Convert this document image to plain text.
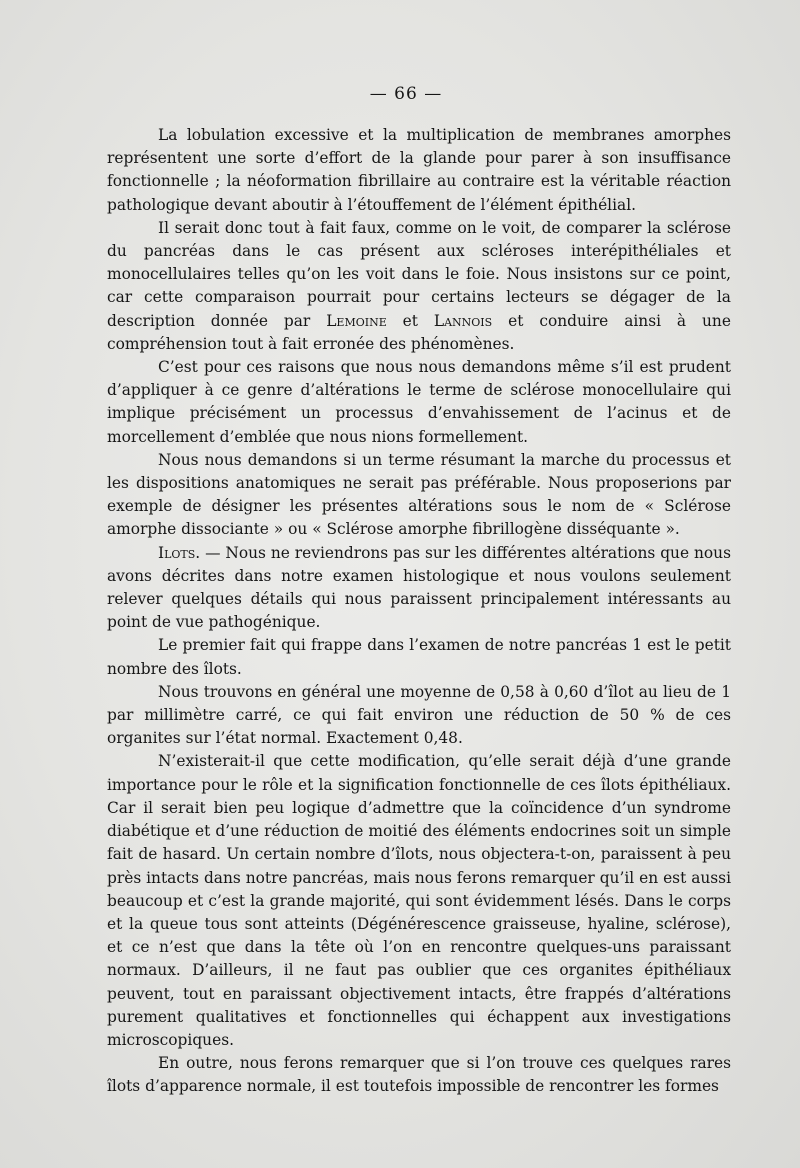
— 66 —

La lobulation excessive et la multiplication de membranes amorphes représentent une sorte d’effort de la glande pour parer à son insuffisance fonctionnelle ; la néoformation fibrillaire au contraire est la véritable réaction pathologique devant aboutir à l’étouffement de l’élément épithélial.

Il serait donc tout à fait faux, comme on le voit, de comparer la sclérose du pancréas dans le cas présent aux scléroses interépithéliales et monocellulaires telles qu’on les voit dans le foie. Nous insistons sur ce point, car cette comparaison pourrait pour certains lecteurs se dégager de la description donnée par Lemoine et Lannois et conduire ainsi à une compréhension tout à fait erronée des phénomènes.

C’est pour ces raisons que nous nous demandons même s’il est prudent d’appliquer à ce genre d’altérations le terme de sclérose monocellulaire qui implique précisément un processus d’envahissement de l’acinus et de morcellement d’emblée que nous nions formellement.

Nous nous demandons si un terme résumant la marche du processus et les dispositions anatomiques ne serait pas préférable. Nous proposerions par exemple de désigner les présentes altérations sous le nom de « Sclérose amorphe dissociante » ou « Sclérose amorphe fibrillogène disséquante ».

Ilots. — Nous ne reviendrons pas sur les différentes altérations que nous avons décrites dans notre examen histologique et nous voulons seulement relever quelques détails qui nous paraissent principalement intéressants au point de vue pathogénique.

Le premier fait qui frappe dans l’examen de notre pancréas 1 est le petit nombre des îlots.

Nous trouvons en général une moyenne de 0,58 à 0,60 d’îlot au lieu de 1 par millimètre carré, ce qui fait environ une réduction de 50 % de ces organites sur l’état normal. Exactement 0,48.

N’existerait-il que cette modification, qu’elle serait déjà d’une grande importance pour le rôle et la signification fonctionnelle de ces îlots épithéliaux. Car il serait bien peu logique d’admettre que la coïncidence d’un syndrome diabétique et d’une réduction de moitié des éléments endocrines soit un simple fait de hasard. Un certain nombre d’îlots, nous objectera-t-on, paraissent à peu près intacts dans notre pancréas, mais nous ferons remarquer qu’il en est aussi beaucoup et c’est la grande majorité, qui sont évidemment lésés. Dans le corps et la queue tous sont atteints (Dégénérescence graisseuse, hyaline, sclérose), et ce n’est que dans la tête où l’on en rencontre quelques-uns paraissant normaux. D’ailleurs, il ne faut pas oublier que ces organites épithéliaux peuvent, tout en paraissant objectivement intacts, être frappés d’altérations purement qualitatives et fonctionnelles qui échappent aux investigations microscopiques.

En outre, nous ferons remarquer que si l’on trouve ces quelques rares îlots d’apparence normale, il est toutefois impossible de rencontrer les formes
